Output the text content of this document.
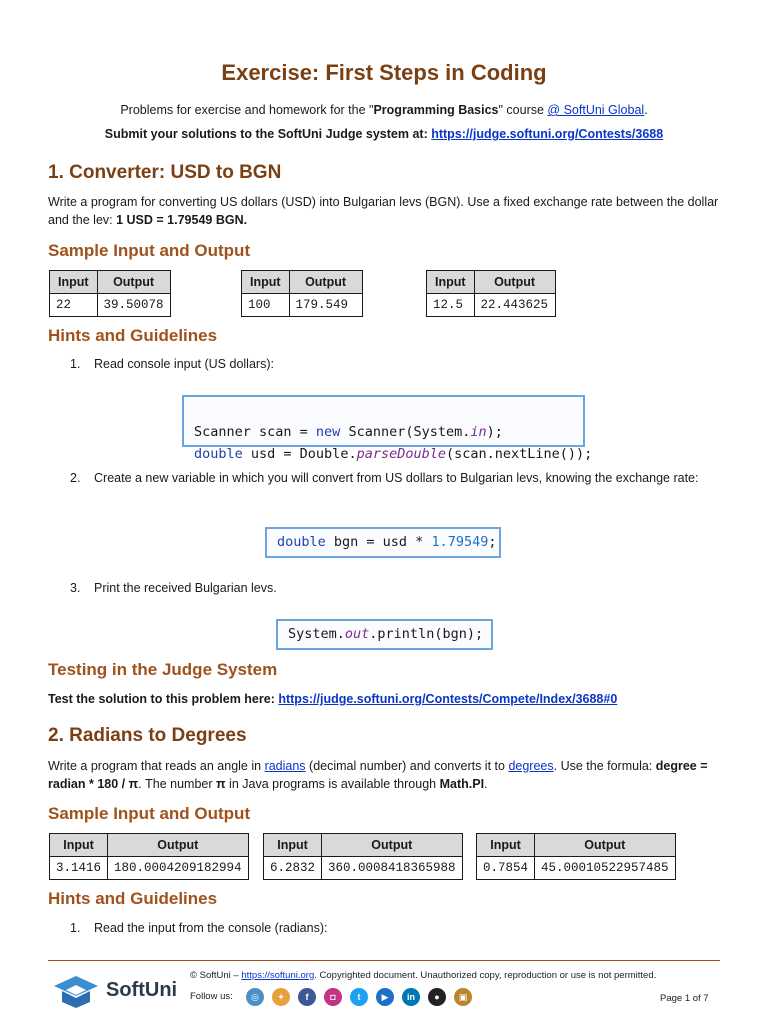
Exercise: First Steps in Coding
Problems for exercise and homework for the "Programming Basics" course @ SoftUni Global.
Submit your solutions to the SoftUni Judge system at: https://judge.softuni.org/Contests/3688
1. Converter: USD to BGN
Write a program for converting US dollars (USD) into Bulgarian levs (BGN). Use a fixed exchange rate between the dollar and the lev: 1 USD = 1.79549 BGN.
Sample Input and Output
Input	Output
22	39.50078
Input	Output
100	179.549
Input	Output
12.5	22.443625
Hints and Guidelines
1. Read console input (US dollars):

Scanner scan = new Scanner(System.in);
double usd = Double.parseDouble(scan.nextLine());
2. Create a new variable in which you will convert from US dollars to Bulgarian levs, knowing the exchange rate:
double bgn = usd * 1.79549;
3. Print the received Bulgarian levs.
System.out.println(bgn);
Testing in the Judge System
Test the solution to this problem here: https://judge.softuni.org/Contests/Compete/Index/3688#0
2. Radians to Degrees
Write a program that reads an angle in radians (decimal number) and converts it to degrees. Use the formula: degree = radian * 180 / π. The number π in Java programs is available through Math.PI.
Sample Input and Output
Input	Output
3.1416	180.0004209182994
Input	Output
6.2832	360.0008418365988
Input	Output
0.7854	45.00010522957485
Hints and Guidelines
1. Read the input from the console (radians):
SoftUni
© SoftUni – https://softuni.org. Copyrighted document. Unauthorized copy, reproduction or use is not permitted.
Follow us:	◎	✦	f	◘	t	▶	in	●	▣	Page 1 of 7
